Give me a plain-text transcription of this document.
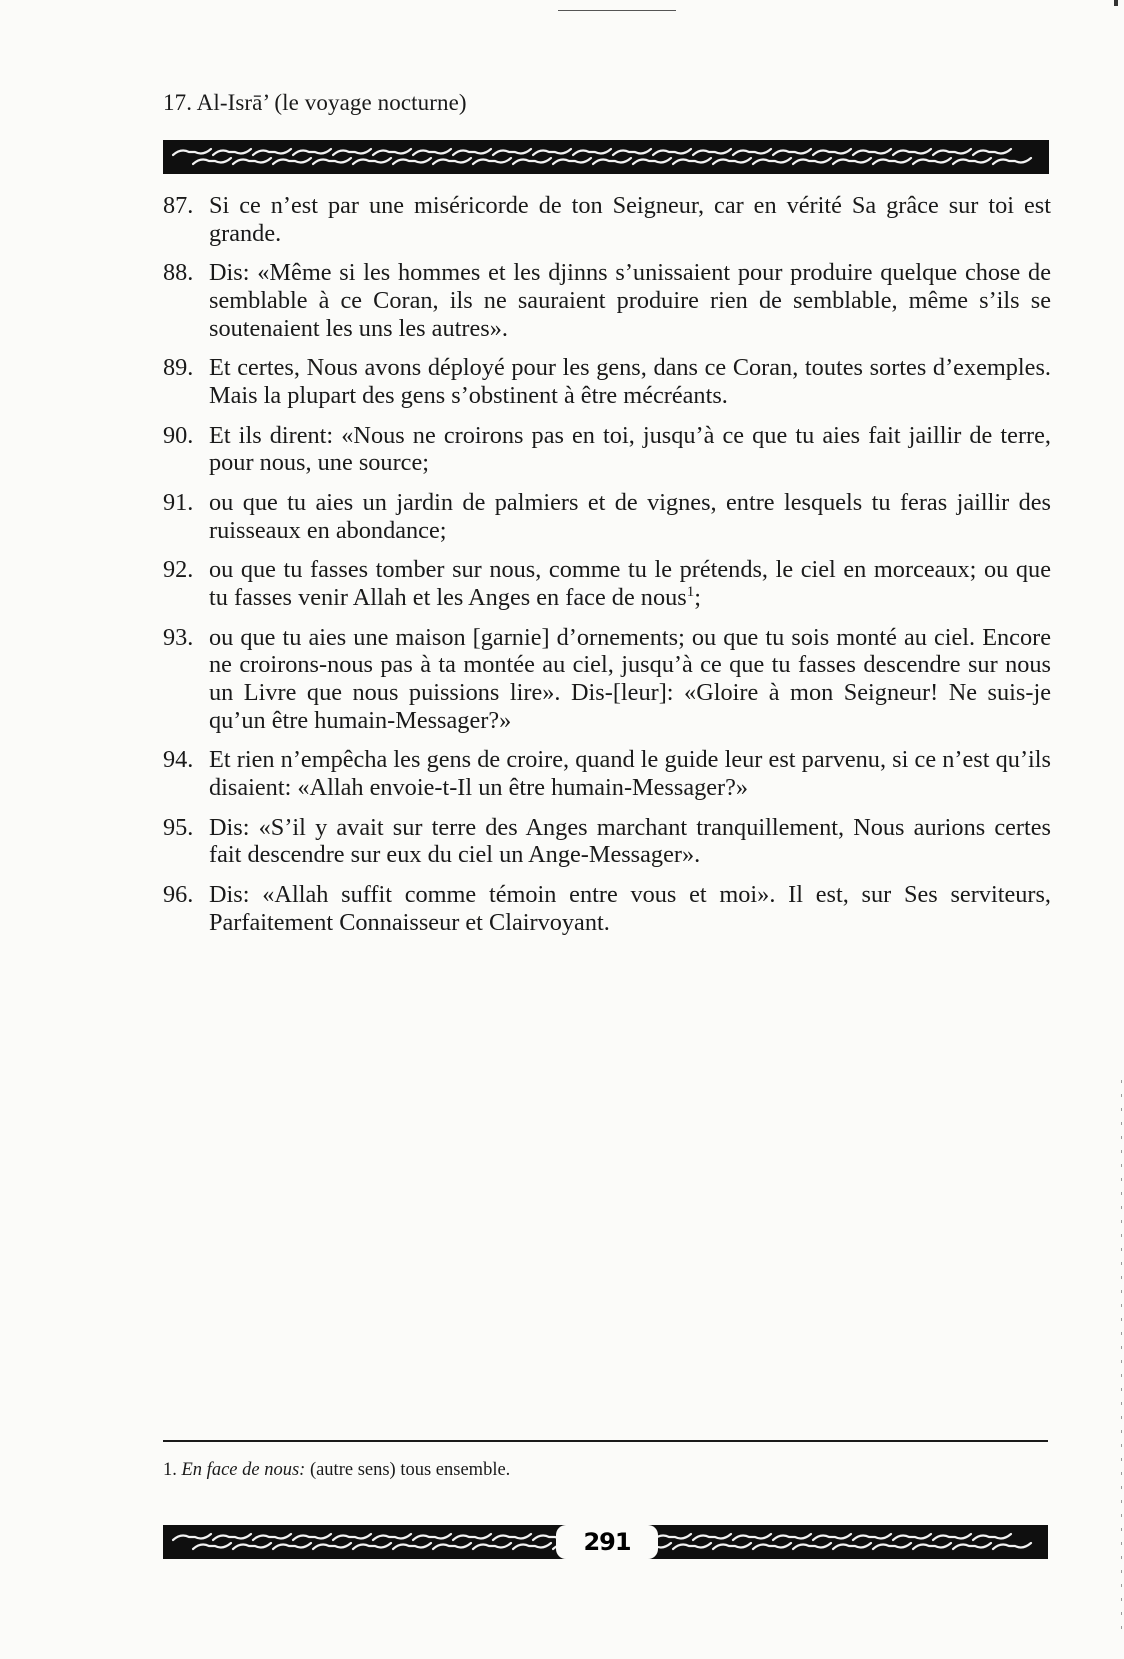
17. Al-Isrā’ (le voyage nocturne)
87. Si ce n’est par une miséricorde de ton Seigneur, car en vérité Sa grâce sur toi est grande.
88. Dis: «Même si les hommes et les djinns s’unissaient pour produire quelque chose de semblable à ce Coran, ils ne sauraient produire rien de semblable, même s’ils se soutenaient les uns les autres».
89. Et certes, Nous avons déployé pour les gens, dans ce Coran, toutes sortes d’exemples. Mais la plupart des gens s’obstinent à être mécréants.
90. Et ils dirent: «Nous ne croirons pas en toi, jusqu’à ce que tu aies fait jaillir de terre, pour nous, une source;
91. ou que tu aies un jardin de palmiers et de vignes, entre lesquels tu feras jaillir des ruisseaux en abondance;
92. ou que tu fasses tomber sur nous, comme tu le prétends, le ciel en morceaux; ou que tu fasses venir Allah et les Anges en face de nous$^1$;
93. ou que tu aies une maison [garnie] d’ornements; ou que tu sois monté au ciel. Encore ne croirons-nous pas à ta montée au ciel, jusqu’à ce que tu fasses descendre sur nous un Livre que nous puissions lire». Dis-[leur]: «Gloire à mon Seigneur! Ne suis-je qu’un être humain-Messager?»
94. Et rien n’empêcha les gens de croire, quand le guide leur est parvenu, si ce n’est qu’ils disaient: «Allah envoie-t-Il un être humain-Messager?»
95. Dis: «S’il y avait sur terre des Anges marchant tranquillement, Nous aurions certes fait descendre sur eux du ciel un Ange-Messager».
96. Dis: «Allah suffit comme témoin entre vous et moi». Il est, sur Ses serviteurs, Parfaitement Connaisseur et Clairvoyant.
1. En face de nous: (autre sens) tous ensemble.
291
